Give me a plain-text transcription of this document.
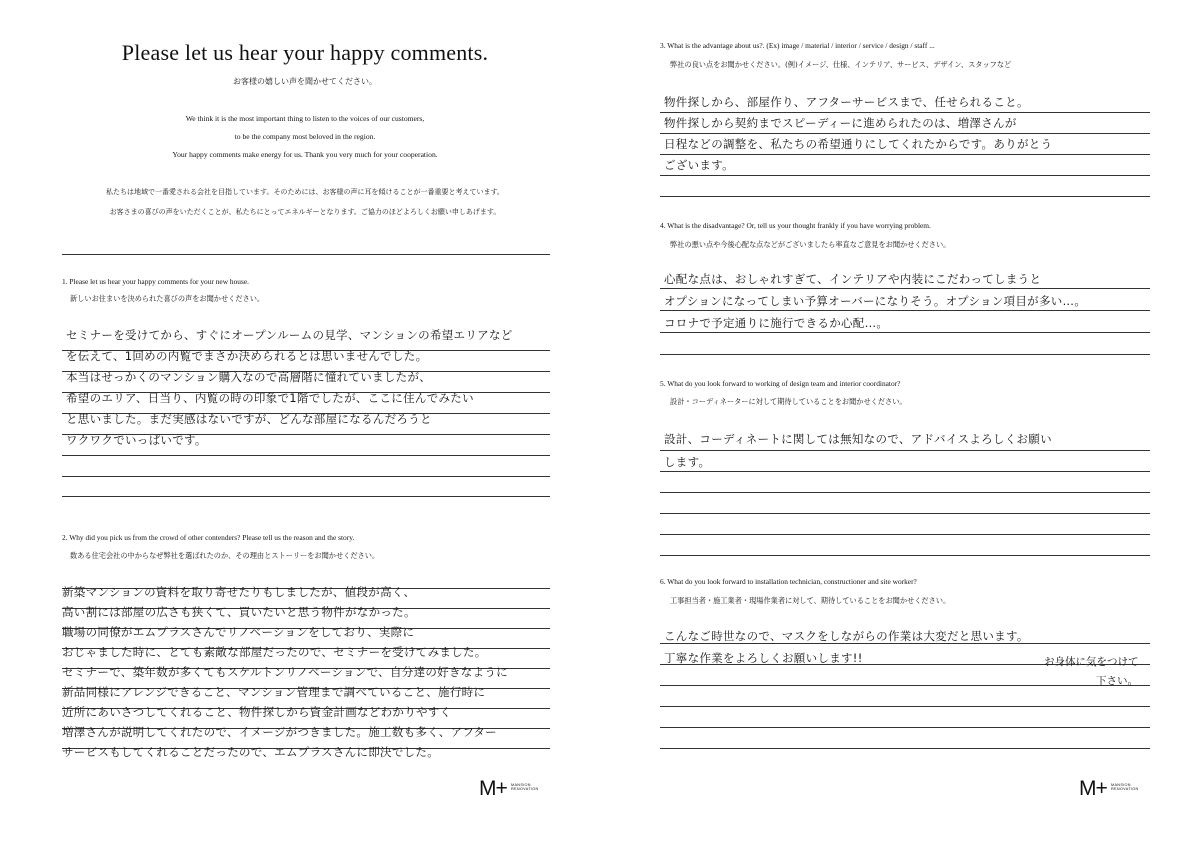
Please let us hear your happy comments.
お客様の嬉しい声を聞かせてください。
We think it is the most important thing to listen to the voices of our customers,
to be the company most beloved in the region.
Your happy comments make energy for us. Thank you very much for your cooperation.
私たちは地域で一番愛される会社を目指しています。そのためには、お客様の声に耳を傾けることが一番重要と考えています。
お客さまの喜びの声をいただくことが、私たちにとってエネルギーとなります。ご協力のほどよろしくお願い申しあげます。
1. Please let us hear your happy comments for your new house.
新しいお住まいを決められた喜びの声をお聞かせください。
セミナーを受けてから、すぐにオープンルームの見学、マンションの希望エリアなど
を伝えて、1回めの内覧でまさか決められるとは思いませんでした。
本当はせっかくのマンション購入なので高層階に憧れていましたが、
希望のエリア、日当り、内覧の時の印象で1階でしたが、ここに住んでみたい
と思いました。まだ実感はないですが、どんな部屋になるんだろうと
ワクワクでいっぱいです。
2. Why did you pick us from the crowd of other contenders? Please tell us the reason and the story.
数ある住宅会社の中からなぜ弊社を選ばれたのか、その理由とストーリーをお聞かせください。
新築マンションの資料を取り寄せたりもしましたが、値段が高く、
高い割には部屋の広さも狭くて、買いたいと思う物件がなかった。
職場の同僚がエムプラスさんでリノベーションをしており、実際に
おじゃました時に、とても素敵な部屋だったので、セミナーを受けてみました。
セミナーで、築年数が多くてもスケルトンリノベーションで、自分達の好きなように
新品同様にアレンジできること、マンション管理まで調べていること、施行時に
近所にあいさつしてくれること、物件探しから資金計画などわかりやすく
増澤さんが説明してくれたので、イメージがつきました。施工数も多く、アフター
サービスもしてくれることだったので、エムプラスさんに即決でした。
M+ MANSION
RENOVATION
3. What is the advantage about us?. (Ex) image / material / interior / service / design / staff ...
弊社の良い点をお聞かせください。(例)イメージ、仕様、インテリア、サービス、デザイン、スタッフなど
物件探しから、部屋作り、アフターサービスまで、任せられること。
物件探しから契約までスピーディーに進められたのは、増澤さんが
日程などの調整を、私たちの希望通りにしてくれたからです。ありがとう
ございます。
4. What is the disadvantage? Or, tell us your thought frankly if you have worrying problem.
弊社の悪い点や今後心配な点などがございましたら率直なご意見をお聞かせください。
心配な点は、おしゃれすぎて、インテリアや内装にこだわってしまうと
オプションになってしまい予算オーバーになりそう。オプション項目が多い…。
コロナで予定通りに施行できるか心配…。
5. What do you look forward to working of design team and interior coordinator?
設計・コーディネーターに対して期待していることをお聞かせください。
設計、コーディネートに関しては無知なので、アドバイスよろしくお願い
します。
6. What do you look forward to installation technician, constructioner and site worker?
工事担当者・施工業者・現場作業者に対して、期待していることをお聞かせください。
こんなご時世なので、マスクをしながらの作業は大変だと思います。
丁寧な作業をよろしくお願いします!!	お身体に気をつけて
下さい。
M+ MANSION
RENOVATION
